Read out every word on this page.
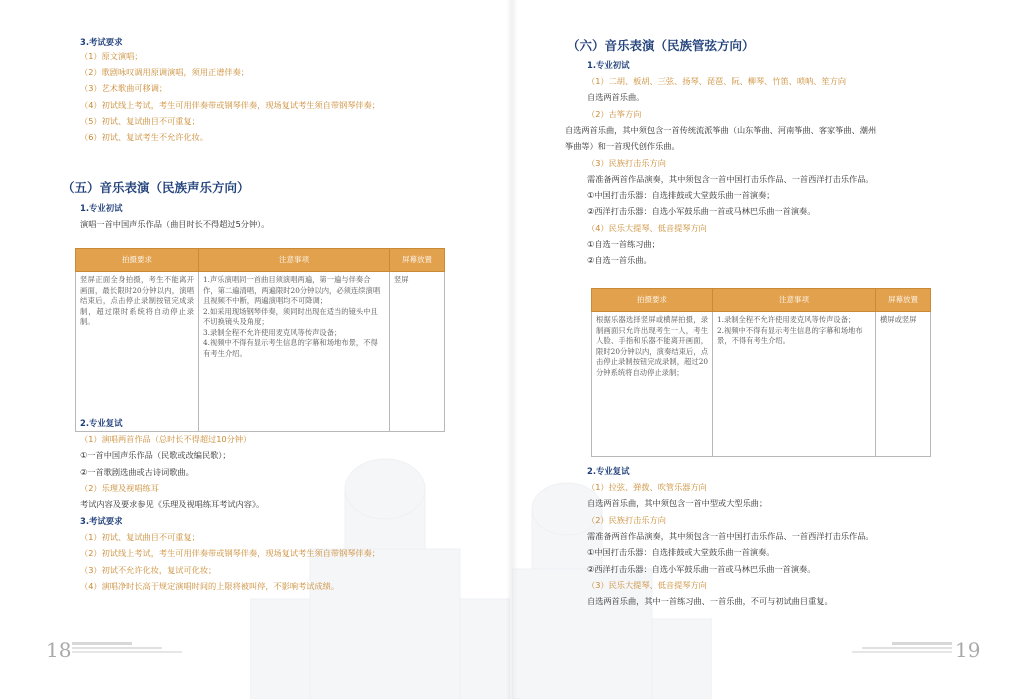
3.考试要求
（1）原文演唱；
（2）歌剧咏叹调用原调演唱，须用正谱伴奏；
（3）艺术歌曲可移调；
（4）初试线上考试，考生可用伴奏带或钢琴伴奏，现场复试考生须自带钢琴伴奏；
（5）初试、复试曲目不可重复；
（6）初试、复试考生不允许化妆。
（五）音乐表演（民族声乐方向）
1.专业初试
演唱一首中国声乐作品（曲目时长不得超过5分钟）。
拍摄要求	注意事项	屏幕放置
竖屏正面全身拍摄，考生不能离开画面，最长限时20分钟以内，演唱结束后，点击停止录制按钮完成录制，超过限时系统将自动停止录制。	1.声乐演唱同一首曲目须演唱两遍，第一遍与伴奏合作，第二遍清唱，两遍限时20分钟以内，必须连续演唱且视频不中断，两遍演唱均不可降调；
2.如采用现场钢琴伴奏，须同时出现在适当的镜头中且不切换镜头及角度；
3.录制全程不允许使用麦克风等传声设备；
4.视频中不得有显示考生信息的字幕和场地布景，不得有考生介绍。	竖屏
2.专业复试
（1）演唱两首作品（总时长不得超过10分钟）
①一首中国声乐作品（民歌或改编民歌）；
②一首歌剧选曲或古诗词歌曲。
（2）乐理及视唱练耳
考试内容及要求参见《乐理及视唱练耳考试内容》。
3.考试要求
（1）初试、复试曲目不可重复；
（2）初试线上考试，考生可用伴奏带或钢琴伴奏，现场复试考生须自带钢琴伴奏；
（3）初试不允许化妆，复试可化妆；
（4）演唱净时长高于规定演唱时间的上限将被叫停，不影响考试成绩。
18
（六）音乐表演（民族管弦方向）
1.专业初试
（1）二胡、板胡、三弦、扬琴、琵琶、阮、柳琴、竹笛、唢呐、笙方向
自选两首乐曲。
（2）古筝方向
自选两首乐曲，其中须包含一首传统流派筝曲（山东筝曲、河南筝曲、客家筝曲、潮州
筝曲等）和一首现代创作乐曲。
（3）民族打击乐方向
需准备两首作品演奏，其中须包含一首中国打击乐作品、一首西洋打击乐作品。
①中国打击乐器：自选排鼓或大堂鼓乐曲一首演奏；
②西洋打击乐器：自选小军鼓乐曲一首或马林巴乐曲一首演奏。
（4）民乐大提琴、低音提琴方向
①自选一首练习曲；
②自选一首乐曲。
拍摄要求	注意事项	屏幕放置
根据乐器选择竖屏或横屏拍摄，录制画面只允许出现考生一人，考生人脸、手指和乐器不能离开画面，限时20分钟以内，演奏结束后，点击停止录制按钮完成录制，超过20分钟系统将自动停止录制；	1.录制全程不允许使用麦克风等传声设备；
2.视频中不得有显示考生信息的字幕和场地布景，不得有考生介绍。	横屏或竖屏
2.专业复试
（1）拉弦、弹拨、吹管乐器方向
自选两首乐曲，其中须包含一首中型或大型乐曲；
（2）民族打击乐方向
需准备两首作品演奏，其中须包含一首中国打击乐作品、一首西洋打击乐作品。
①中国打击乐器：自选排鼓或大堂鼓乐曲一首演奏。
②西洋打击乐器：自选小军鼓乐曲一首或马林巴乐曲一首演奏。
（3）民乐大提琴、低音提琴方向
自选两首乐曲，其中一首练习曲、一首乐曲，不可与初试曲目重复。
19
